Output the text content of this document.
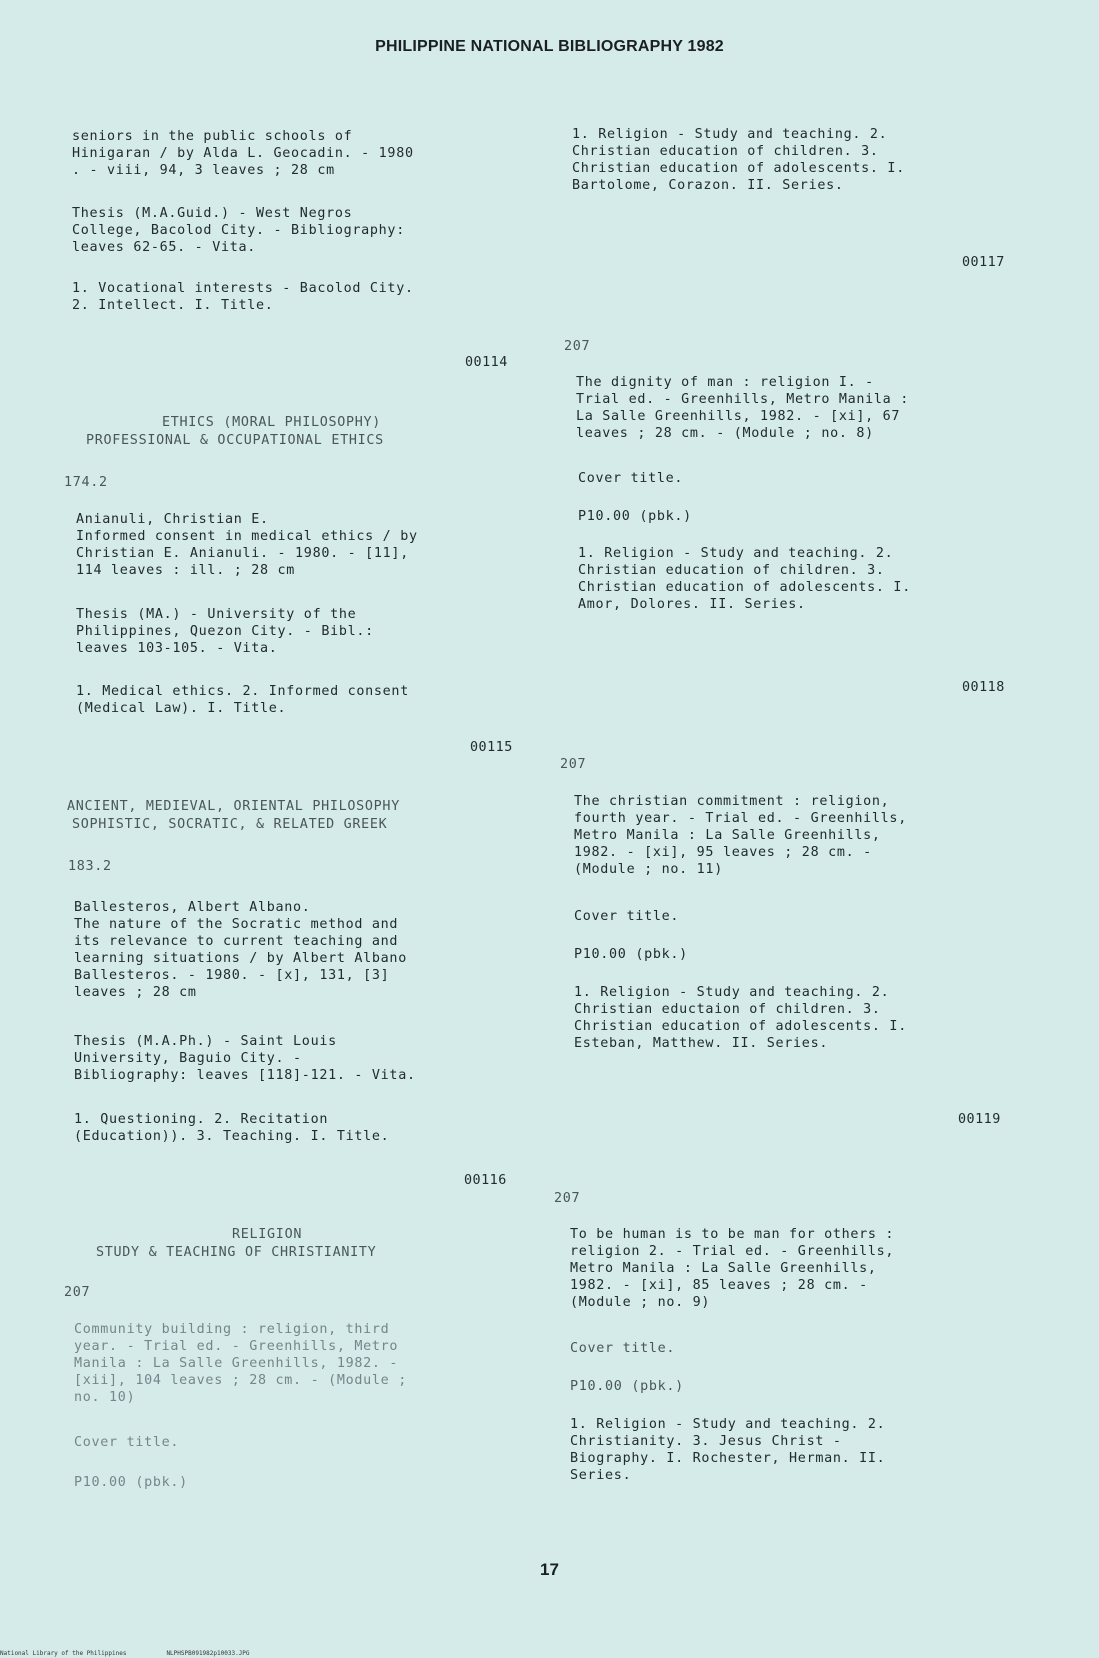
PHILIPPINE NATIONAL BIBLIOGRAPHY 1982
seniors in the public schools of
Hinigaran / by Alda L. Geocadin. - 1980
. - viii, 94, 3 leaves ; 28 cm
Thesis (M.A.Guid.) - West Negros
College, Bacolod City. - Bibliography:
leaves 62-65. - Vita.
1. Vocational interests - Bacolod City.
2. Intellect. I. Title.
00114
ETHICS (MORAL PHILOSOPHY)
PROFESSIONAL & OCCUPATIONAL ETHICS
174.2
Anianuli, Christian E.
Informed consent in medical ethics / by
Christian E. Anianuli. - 1980. - [11],
114 leaves : ill. ; 28 cm
Thesis (MA.) - University of the
Philippines, Quezon City. - Bibl.:
leaves 103-105. - Vita.
1. Medical ethics. 2. Informed consent
(Medical Law). I. Title.
00115
ANCIENT, MEDIEVAL, ORIENTAL PHILOSOPHY
SOPHISTIC, SOCRATIC, & RELATED GREEK
183.2
Ballesteros, Albert Albano.
The nature of the Socratic method and
its relevance to current teaching and
learning situations / by Albert Albano
Ballesteros. - 1980. - [x], 131, [3]
leaves ; 28 cm
Thesis (M.A.Ph.) - Saint Louis
University, Baguio City. -
Bibliography: leaves [118]-121. - Vita.
1. Questioning. 2. Recitation
(Education)). 3. Teaching. I. Title.
00116
RELIGION
STUDY & TEACHING OF CHRISTIANITY
207
Community building : religion, third
year. - Trial ed. - Greenhills, Metro
Manila : La Salle Greenhills, 1982. -
[xii], 104 leaves ; 28 cm. - (Module ;
no. 10)
Cover title.
P10.00 (pbk.)
1. Religion - Study and teaching. 2.
Christian education of children. 3.
Christian education of adolescents. I.
Bartolome, Corazon. II. Series.
00117
207
The dignity of man : religion I. -
Trial ed. - Greenhills, Metro Manila :
La Salle Greenhills, 1982. - [xi], 67
leaves ; 28 cm. - (Module ; no. 8)
Cover title.
P10.00 (pbk.)
1. Religion - Study and teaching. 2.
Christian education of children. 3.
Christian education of adolescents. I.
Amor, Dolores. II. Series.
00118
207
The christian commitment : religion,
fourth year. - Trial ed. - Greenhills,
Metro Manila : La Salle Greenhills,
1982. - [xi], 95 leaves ; 28 cm. -
(Module ; no. 11)
Cover title.
P10.00 (pbk.)
1. Religion - Study and teaching. 2.
Christian eductaion of children. 3.
Christian education of adolescents. I.
Esteban, Matthew. II. Series.
00119
207
To be human is to be man for others :
religion 2. - Trial ed. - Greenhills,
Metro Manila : La Salle Greenhills,
1982. - [xi], 85 leaves ; 28 cm. -
(Module ; no. 9)
Cover title.
P10.00 (pbk.)
1. Religion - Study and teaching. 2.
Christianity. 3. Jesus Christ -
Biography. I. Rochester, Herman. II.
Series.
17
National Library of the Philippines	NLPHSPB091982p10033.JPG
